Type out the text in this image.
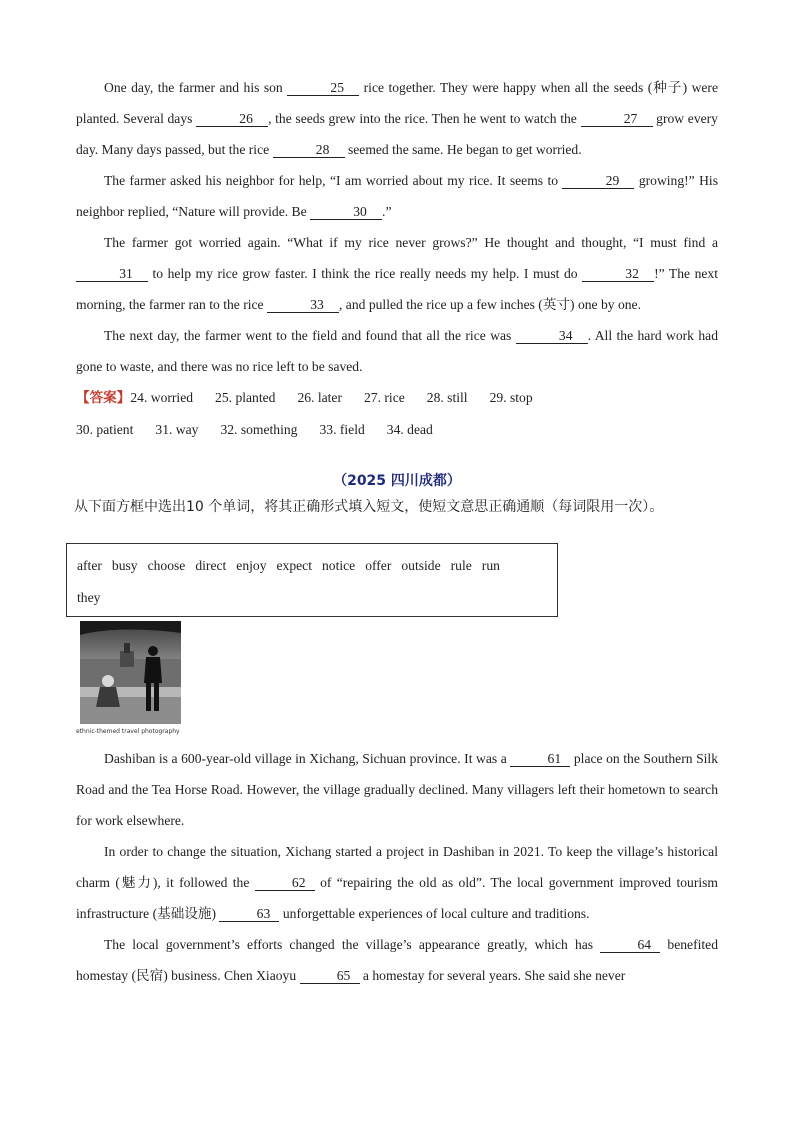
One day, the farmer and his son	25 rice together. They were happy when all the seeds (种子) were planted. Several days	26 , the seeds grew into the rice. Then he went to watch the	27 grow every day. Many days passed, but the rice	28 seemed the same. He began to get worried.

The farmer asked his neighbor for help, “I am worried about my rice. It seems to	29 growing!” His neighbor replied, “Nature will provide. Be	30 .”

The farmer got worried again. “What if my rice never grows?” He thought and thought, “I must find a 31 to help my rice grow faster. I think the rice really needs my help. I must do	32 !” The next morning, the farmer ran to the rice	33 , and pulled the rice up a few inches (英寸) one by one.

The next day, the farmer went to the field and found that all the rice was	34 . All the hard work had gone to waste, and there was no rice left to be saved.

【答案】24. worried 25. planted 26. later 27. rice 28. still 29. stop
30. patient 31. way 32. something 33. field 34. dead
（2025 四川成都）
从下面方框中选出10 个单词，将其正确形式填入短文，使短文意思正确通顺（每词限用一次）。
after busy choose direct enjoy expect notice offer outside rule run
they
ethnic-themed travel photography

Dashiban is a 600-year-old village in Xichang, Sichuan province. It was a	61 place on the Southern Silk Road and the Tea Horse Road. However, the village gradually declined. Many villagers left their hometown to search for work elsewhere.

In order to change the situation, Xichang started a project in Dashiban in 2021. To keep the village’s historical charm (魅力), it followed the	62 of “repairing the old as old”. The local government improved tourism infrastructure (基础设施)	63 unforgettable experiences of local culture and traditions.

The local government’s efforts changed the village’s appearance greatly, which has	64 benefited homestay (民宿) business. Chen Xiaoyu	65 a homestay for several years. She said she never
